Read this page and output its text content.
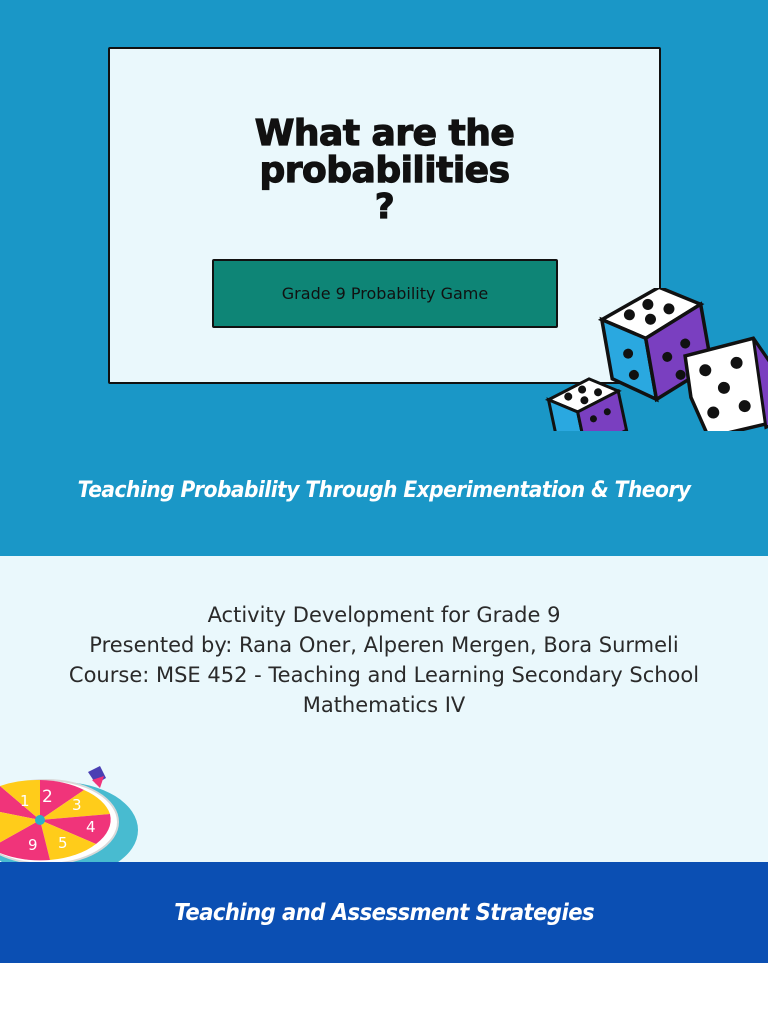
What are the
probabilities
?
Grade 9 Probability Game
Teaching Probability Through Experimentation & Theory
Activity Development for Grade 9
Presented by: Rana Oner, Alperen Mergen, Bora Surmeli
Course: MSE 452 - Teaching and Learning Secondary School
Mathematics IV
1 2 3
4
5
9
Teaching and Assessment Strategies
